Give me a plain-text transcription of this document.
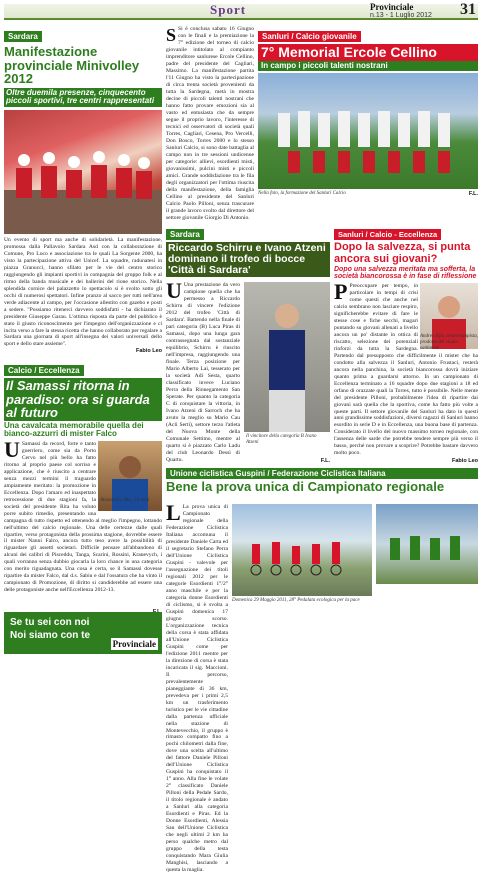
Sport	Provinciale
n.13 - 1 Luglio 2012 31
Sardara
Manifestazione provinciale Minivolley 2012
Oltre duemila presenze, cinquecento piccoli sportivi, tre centri rappresentati
Un evento di sport ma anche di solidarietà. La manifestazione, promossa dalla Pallavolo Sardara Asd con la collaborazione di Comune, Pro Loco e associazione tra le quali La Sorgente 2000, ha visto la partecipazione attiva del Unicef. La squadre, radunatesi in piazza Granucci, hanno sfilato per le vie del centro storico raggiungendo gli impianti sportivi in compagnia del gruppo folk e al ritmo della banda musicale e dei ballerini del rione storico. Nella splendida cornice del palazzetto lo spettacolo si è svolto sotto gli occhi di numerosi spettatori. Infine pranzo al sacco per tutti nell'area verde adiacente al campo, per l'occasione allestito con gazebo e posti a sedere. "Possiamo ritenerci davvero soddisfatti - ha dichiarato il presidente Giuseppe Garau. L'ottima risposta da parte del pubblico è stato il giusto riconoscimento per l'impegno dell'organizzazione e ci incita verso a fare la stessa ricetta che hanno collaborato per regalare a Sardara una giornata di sport all'insegna dei valori universali dello sport e dello stare assieme".
Fabio Leo
S Si è conclusa sabato 16 Giugno con le finali e la premiazione la 7° edizione del torneo di calcio giovanile intitolato al compianto imprenditore sanlurese Ercole Cellino, padre del presidente del Cagliari, Massimo. La manifestazione partita l'11 Giugno ha visto la partecipazione di circa trenta società provenienti da tutta la Sardegna, metà in mostra decine di piccoli talenti nostrani che hanno fatto provare emozioni sia al vasto ed entusiasta che da sempre segue il proprio lavoro, l'interesse di tecnici ed osservatori di società quali Torres, Cagliari, Cesena, Pro Vercelli, Don Bosco, Torres 2000 e lo stesso Sanluri Calcio, si sono date battaglia al campo non in tre sessioni undicenne per categorie: allievi, esordienti misti, giovanissimi, pulcini misti e piccoli amici. Grande soddisfazione tra le fila degli organizzatori per l'ottima riuscita della manifestazione, della famiglia Cellino al presidente del Sanluri Calcio Paolo Pilloni, senza trascurare il grande lavoro svolto dal direttore del settore giovanile Giorgio Di Antonio.
Sanluri / Calcio giovanile
7° Memorial Ercole Cellino
In campo i piccoli talenti nostrani
Nella foto, la formazione del Sanluri Calcio	F.L.
Sardara
Riccardo Schirru e Ivano Atzeni dominano il trofeo di bocce 'Città di Sardara'
U Una prestazione da vero campione quella che ha permesso a Riccardo Schirru di vincere l'edizione 2012 del trofeo 'Città di Sardara'. Battendo nella finale di pari categoria (B) Luca Piras di Samassi, dopo una lunga gara contrassegnata dal sostanziale equilibrio, Schirru è riuscito nell'impresa, raggiungendo una finale. Terza posizione per Mario Alberto Lai, tesserato per la società Adi Sesta, quarto classificato invece Luciano Perra della Rinnegamento San Sperate. Per quanto la categoria C di conquistare la vittoria, in Ivano Atzeni di Sarroch che ha avuto la meglio su Mario Cau (Acli Serti), settore terzo l'atleta del Nuova Monte della Comunale Settimo, mentre al quarto si è piazzato Carlo Ladu del club Leonardo Dessì di Quartu.
Il vincitore della categoria B Ivano Atzeni
F.L.
Sanluri / Calcio - Eccellenza
Dopo la salvezza, si punta ancora sui giovani?
Dopo una salvezza meritata ma sofferta, la società biancorossa è in fase di riflessione
P Preoccupare per tempo, in particolare in tempi di crisi come questi che anche nel calcio sembrano non lasciare respiro, significherebbe evitare di fare le stesse cose e fiche secchi, magari puntando su giovani allenati a livello ancora un po' distante in ottica di riscatto, selezione dei potenziali rinforzi da tutta la Sardegna. Partendo dal presupposto che difficilmente il mister che ha condotto alla salvezza il Sanluri, Antonio Frustaci, resterà ancora nella panchina, la società biancorossa dovrà iniziare quanto prima a guardarsi attorno. In un campionato di Eccellenza terminato a 16 squadre dopo due stagioni a 18 ed orfano di orazzate quali la Torres, tutto è possibile. Nelle mente del presidente Pilloni, probabilmente l'idea di ripartire dai giovani sarà quella che la sportiva, come ha fatto più volte a queste parti. Il settore giovanile del Sanluri ha dato in questi anni grandissime soddisfazioni, diversi ragazzi di Sanluri hanno esordito in serie D e in Eccellenza, una buona base di partenza. Considerato il livello del nuovo massimo torneo regionale, con l'assenza delle sarde che potrebbe tendere sempre più verso il basso, perché non provare a scoprire? Potrebbe bastare davvero molto poco.
Andrea Ejiz, centrocampista, prodotto del vivaio sanlurese
Fabio Leo
Calcio / Eccellenza
Il Samassi ritorna in paradiso: ora si guarda al futuro
Una cavalcata memorabile quella dei bianco-azzurri di mister Falco
U Samassi da record, forte e tanto guerriero, come sia da Porto Cervo nel più bello ha fatto ritorno al proprio paese col sorriso e applicazione, che è riuscito a centrare senza mezzi termini il traguardo ampiamente meritato: la promozione in Eccellenza. Dopo l'amaro ed inaspettato retrocessione di due stagioni fa, la società del presidente Rita ha voluto porre subito rimedio, presentando una campagna di tutto rispetto ed ottenendo al meglio l'impegno, lottando nell'ultimo del calcio regionale. Una delle certezze dalle quali ripartire, verso protagonista della prossima stagione, dovrebbe essere il mister Nanni Falco, ancora tutto teso avere la possibilità di riguardare gli assetti societari. Difficile pensare all'abbandono di alcuni dei calibri di Pisceddu, Tanga, Scarini, Rossini, Kranevych, i quali vorranno senza dubbio giocarla la loro chance in una categoria con merito riguadagnata. Una cosa è certa, se il Samassi dovesse ripartire da mister Falco, dal d.s. Sabiu e dal l'ossatura che ha vinto il campionato di Promozione, di diritto si candiderebbe ad essere una delle protagoniste anche nell'Eccellenza 2012-13.
Alessandro Bba, 19 anni
Se tu sei con noi
Noi siamo con te
Provinciale
Unione ciclistica Guspini / Federazione Ciclistica Italiana
Bene la prova unica di Campionato regionale
L La prova unica di Campionato regionale della Federazione Ciclistica Italiana accomuna il presidente Daniele Carta ed il segretario Stefano Perra dell'Unione Ciclistica Guspini - valevole per l'assegnazione dei titoli regionali 2012 per le categorie Esordienti 1°/2° anno maschile e per la categoria donne Esordienti di ciclismo, si è svolta a Guspini domenica 17 giugno scorso. L'organizzazione tecnica della corsa è stata affidata all'Unione Ciclistica Guspini come per l'edizione 2011 mentre per la direzione di corsa è stata incaricata il sig. Maccioni. Il percorso, prevalentemente pianeggiante di 36 km, prevedeva per i primi 2,5 km un trasferimento turistico per le vie cittadine dalla partenza ufficiale nella stazione di Montevecchio, il gruppo è rimasto compatto fino a pochi chilometri dalla fine, dove una scelta all'ultimo del fattore Daniele Pilloni dell'Unione Ciclistica Guspini ha conquistato il 1° anno. Alla fine le volate 2° classificato Daniele Pilloni della Pedale Sardo, il titolo regionale è andato a Sanluri alla categoria Esordienti e Piras. Ed la Donne Esordienti, Alessia Sau dell'Unione Ciclistica che negli ultimi 2 km ha perso qualche metro dal gruppo della testa conquistando Mara Giulia Manghisi, lasciando a questa la maglia.
Domenica 29 Maggio 2011, 28° Pedalata ecologica per la pace
